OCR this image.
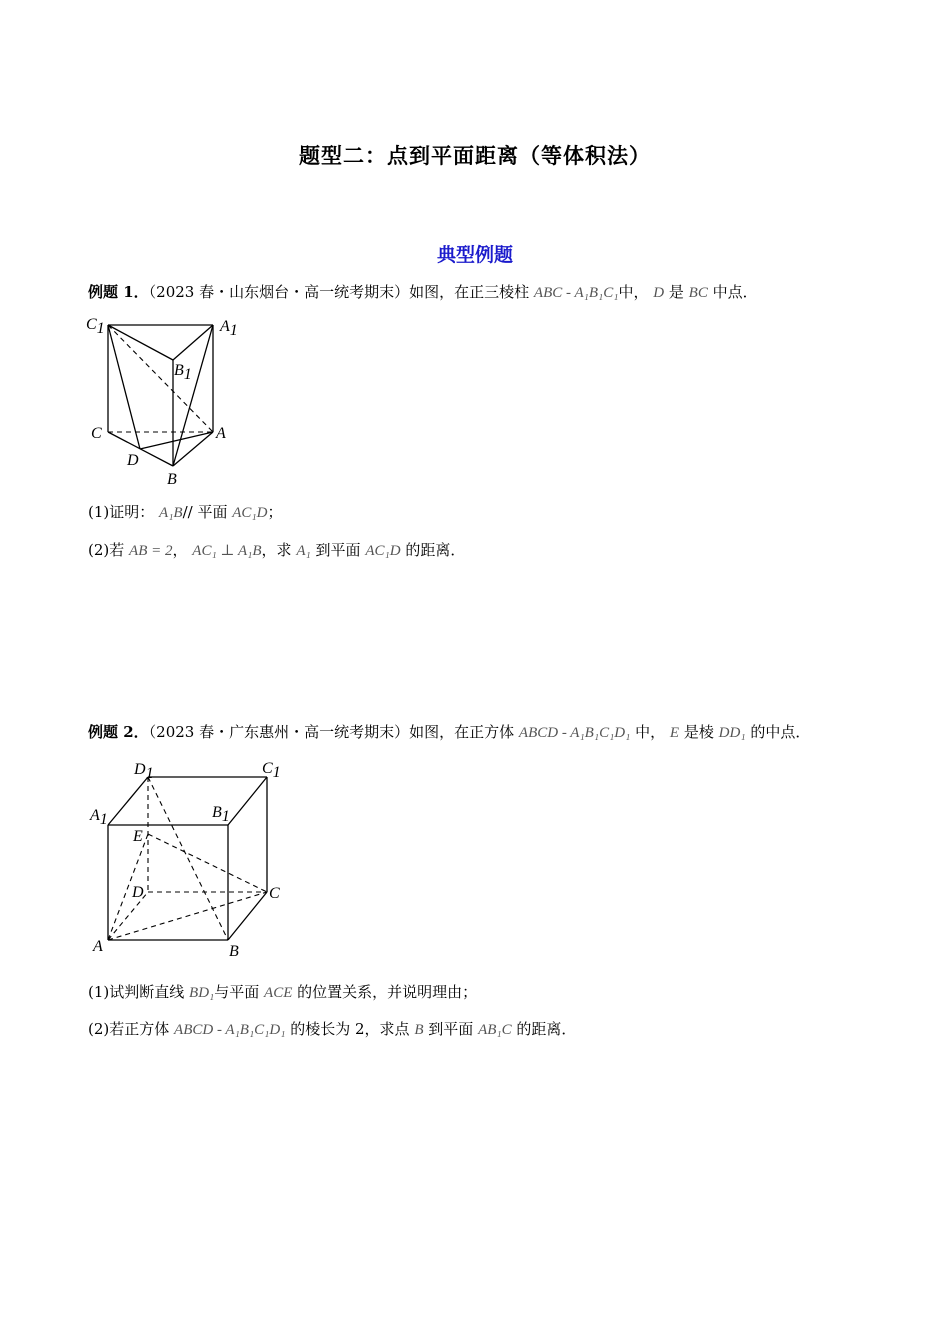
题型二：点到平面距离（等体积法）
典型例题
例题 1．（2023 春・山东烟台・高一统考期末）如图，在正三棱柱 ABC - A₁B₁C₁中， D 是 BC 中点．
C1	A1
B1
C	A
D
B
(1)证明： A₁B// 平面 AC₁D；
(2)若 AB = 2， AC₁ ⊥ A₁B，求 A₁ 到平面 AC₁D 的距离．
例题 2．（2023 春・广东惠州・高一统考期末）如图，在正方体 ABCD - A₁B₁C₁D₁ 中， E 是棱 DD₁ 的中点．
D1	C1
A1	B1
E
D	C
A	B
(1)试判断直线 BD₁与平面 ACE 的位置关系，并说明理由；
(2)若正方体 ABCD - A₁B₁C₁D₁ 的棱长为 2，求点 B 到平面 AB₁C 的距离．
